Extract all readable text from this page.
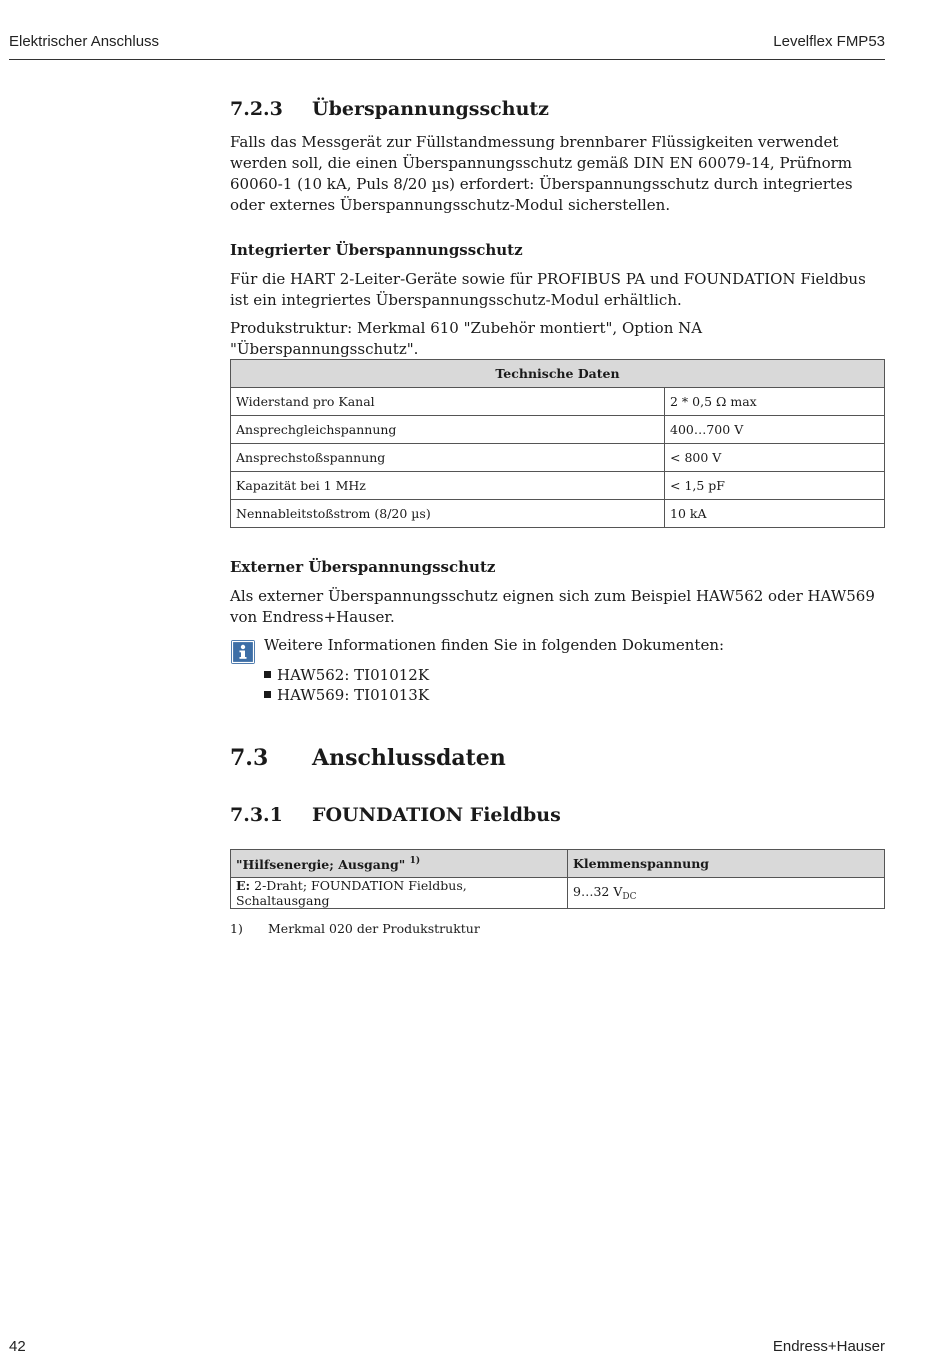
Elektrischer Anschluss	Levelflex FMP53
7.2.3 Überspannungsschutz
Falls das Messgerät zur Füllstandmessung brennbarer Flüssigkeiten verwendet werden soll, die einen Überspannungsschutz gemäß DIN EN 60079-14, Prüfnorm 60060-1 (10 kA, Puls 8/20 µs) erfordert: Überspannungsschutz durch integriertes oder externes Überspannungsschutz-Modul sicherstellen.
Integrierter Überspannungsschutz
Für die HART 2-Leiter-Geräte sowie für PROFIBUS PA und FOUNDATION Fieldbus ist ein integriertes Überspannungsschutz-Modul erhältlich.
Produkstruktur: Merkmal 610 "Zubehör montiert", Option NA "Überspannungsschutz".
Technische Daten	
Widerstand pro Kanal	2 * 0,5 Ω max
Ansprechgleichspannung	400…700 V
Ansprechstoßspannung	< 800 V
Kapazität bei 1 MHz	< 1,5 pF
Nennableitstoßstrom (8/20 µs)	10 kA
Externer Überspannungsschutz
Als externer Überspannungsschutz eignen sich zum Beispiel HAW562 oder HAW569 von Endress+Hauser.
Weitere Informationen finden Sie in folgenden Dokumenten:
HAW562: TI01012K
HAW569: TI01013K
7.3 Anschlussdaten
7.3.1 FOUNDATION Fieldbus
"Hilfsenergie; Ausgang" $^{1)}$	Klemmenspannung
E: 2-Draht; FOUNDATION Fieldbus, Schaltausgang	9…32 $V_{DC}$
1) Merkmal 020 der Produkstruktur
42	Endress+Hauser
